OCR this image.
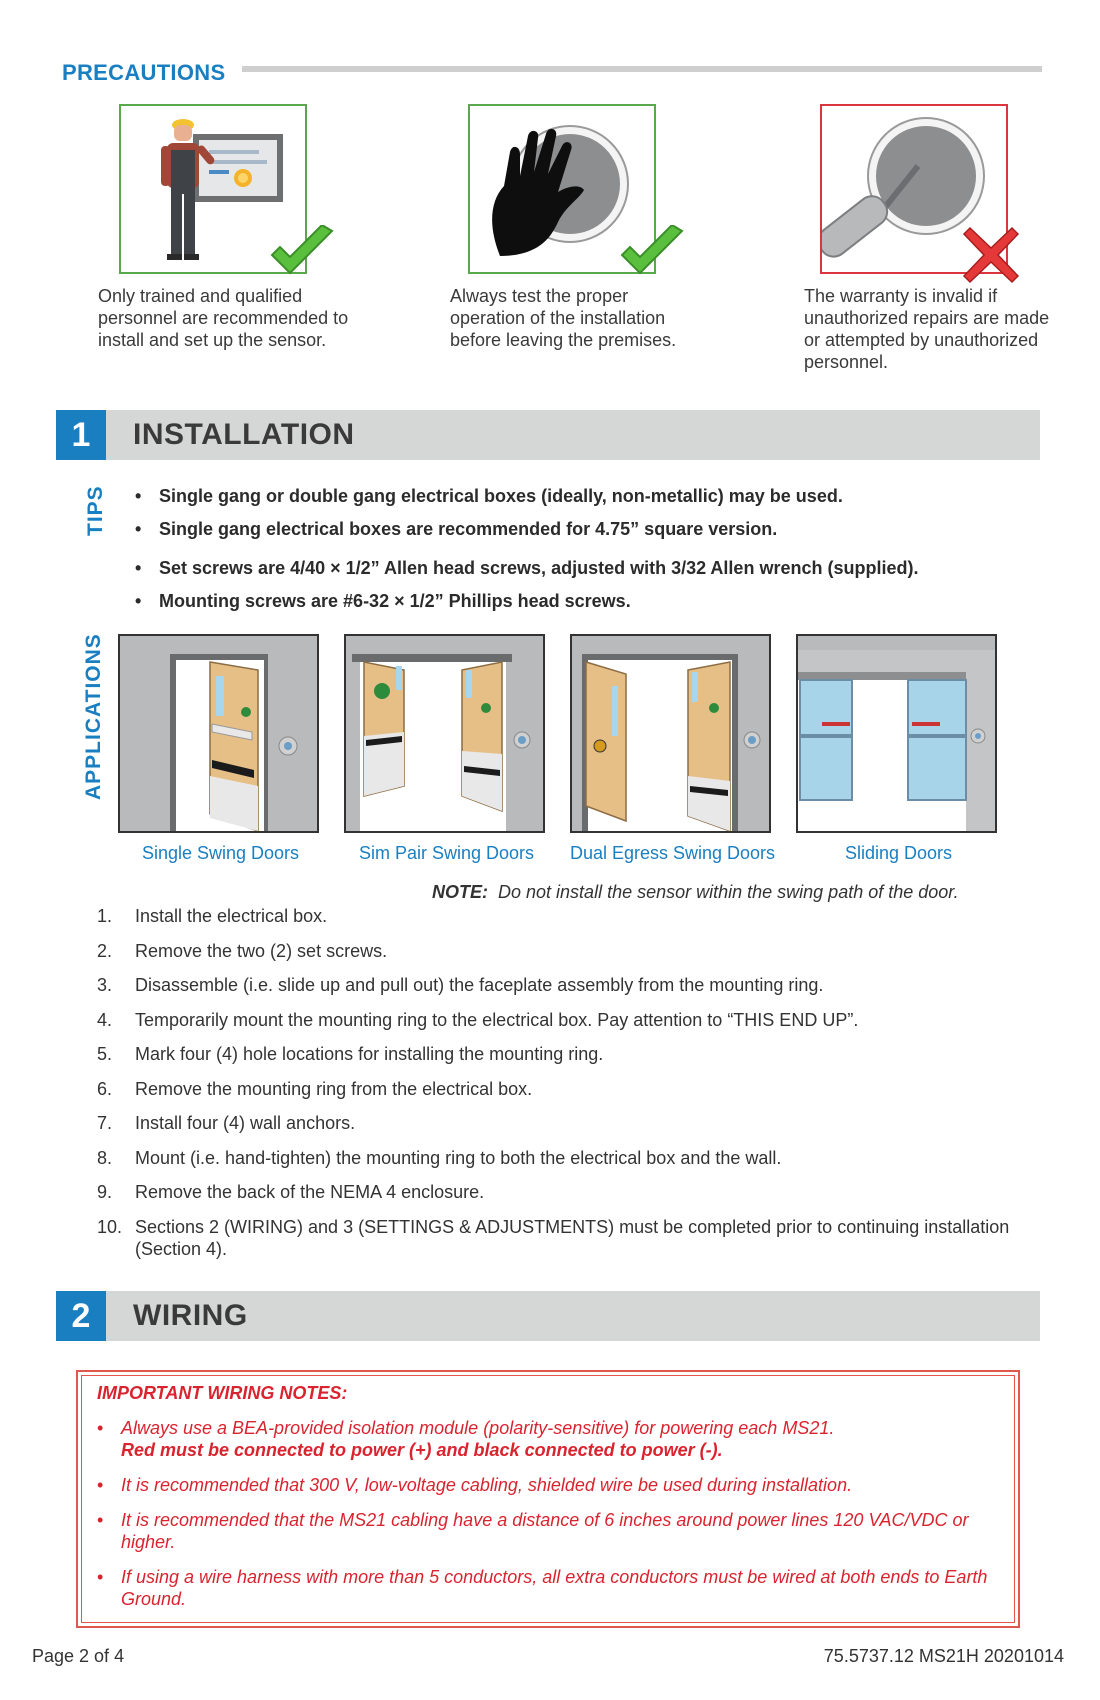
PRECAUTIONS
Only trained and qualified
personnel are recommended to
install and set up the sensor.
Always test the proper
operation of the installation
before leaving the premises.
The warranty is invalid if
unauthorized repairs are made
or attempted by unauthorized
personnel.
1	INSTALLATION
TIPS • Single gang or double gang electrical boxes (ideally, non-metallic) may be used.
• Single gang electrical boxes are recommended for 4.75” square version.
• Set screws are 4/40 × 1/2” Allen head screws, adjusted with 3/32 Allen wrench (supplied).
• Mounting screws are #6-32 × 1/2” Phillips head screws.
APPLICATIONS
Single Swing Doors	Sim Pair Swing Doors	Dual Egress Swing Doors	Sliding Doors
NOTE: Do not install the sensor within the swing path of the door.
1.	Install the electrical box.
2.	Remove the two (2) set screws.
3.	Disassemble (i.e. slide up and pull out) the faceplate assembly from the mounting ring.
4.	Temporarily mount the mounting ring to the electrical box. Pay attention to “THIS END UP”.
5.	Mark four (4) hole locations for installing the mounting ring.
6.	Remove the mounting ring from the electrical box.
7.	Install four (4) wall anchors.
8.	Mount (i.e. hand-tighten) the mounting ring to both the electrical box and the wall.
9.	Remove the back of the NEMA 4 enclosure.
10. Sections 2 (WIRING) and 3 (SETTINGS & ADJUSTMENTS) must be completed prior to continuing installation (Section 4).
2	WIRING
IMPORTANT WIRING NOTES:
• Always use a BEA-provided isolation module (polarity-sensitive) for powering each MS21.
Red must be connected to power (+) and black connected to power (-).
• It is recommended that 300 V, low-voltage cabling, shielded wire be used during installation.
• It is recommended that the MS21 cabling have a distance of 6 inches around power lines 120 VAC/VDC or higher.
• If using a wire harness with more than 5 conductors, all extra conductors must be wired at both ends to Earth Ground.
Page 2 of 4	75.5737.12 MS21H 20201014
